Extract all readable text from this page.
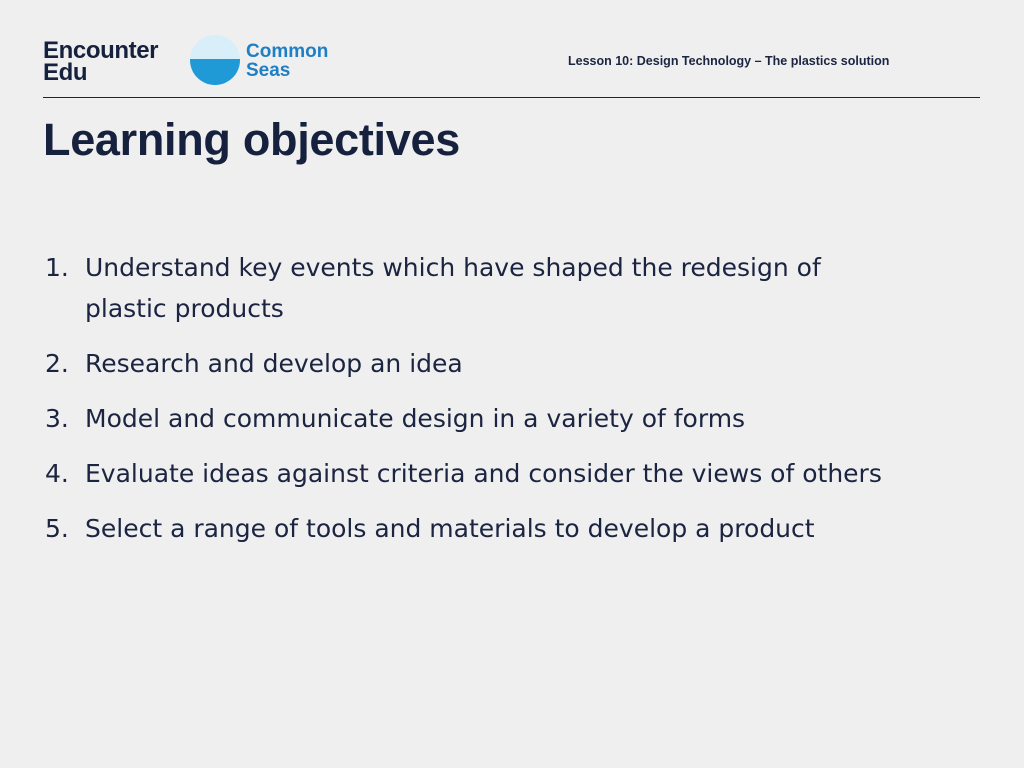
Encounter
Edu
Common
Seas	Lesson 10: Design Technology – The plastics solution
Learning objectives
1. Understand key events which have shaped the redesign of plastic products
2. Research and develop an idea
3. Model and communicate design in a variety of forms
4. Evaluate ideas against criteria and consider the views of others
5. Select a range of tools and materials to develop a product
